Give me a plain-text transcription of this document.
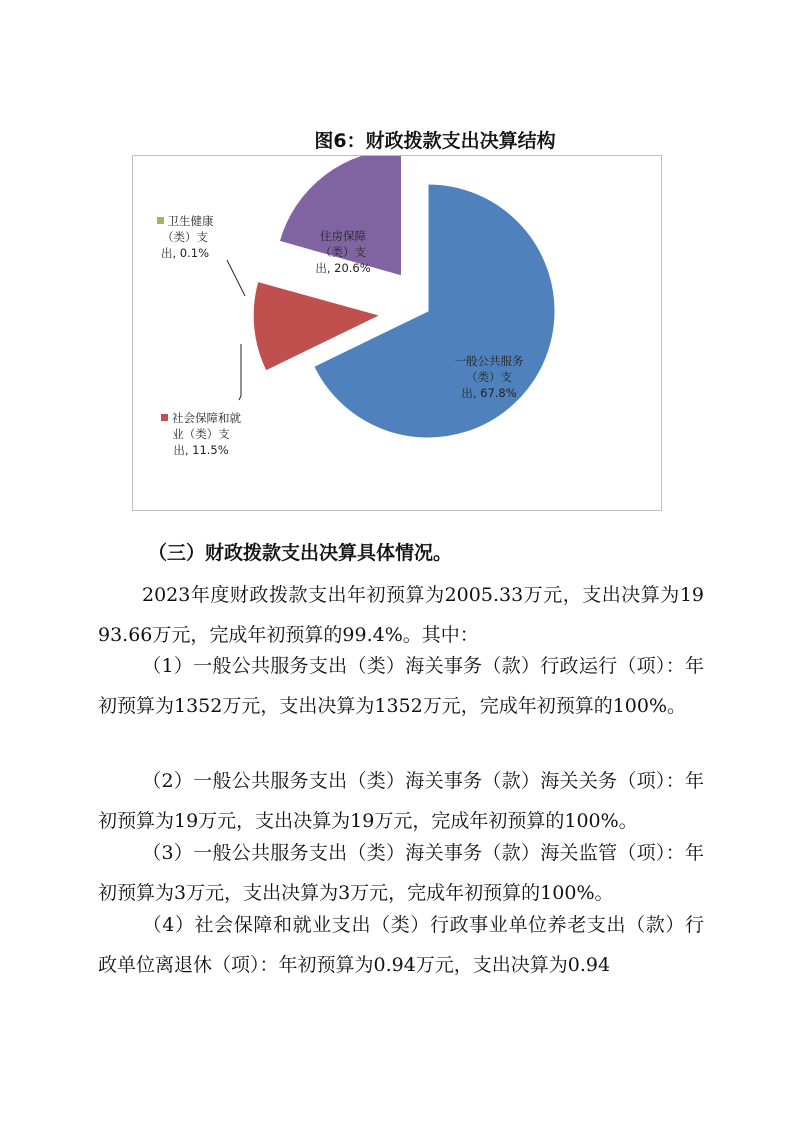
图6：财政拨款支出决算结构
一般公共服务
（类）支
出, 67.8%
住房保障
（类）支
出, 20.6%
社会保障和就
业（类）支
出, 11.5%
卫生健康
（类）支
出, 0.1%
（三）财政拨款支出决算具体情况。
2023年度财政拨款支出年初预算为2005.33万元，支出决算为1993.66万元，完成年初预算的99.4%。其中：
（1）一般公共服务支出（类）海关事务（款）行政运行（项）：年初预算为1352万元，支出决算为1352万元，完成年初预算的100%。
（2）一般公共服务支出（类）海关事务（款）海关关务（项）：年初预算为19万元，支出决算为19万元，完成年初预算的100%。
（3）一般公共服务支出（类）海关事务（款）海关监管（项）：年初预算为3万元，支出决算为3万元，完成年初预算的100%。
（4）社会保障和就业支出（类）行政事业单位养老支出（款）行政单位离退休（项）：年初预算为0.94万元，支出决算为0.94
